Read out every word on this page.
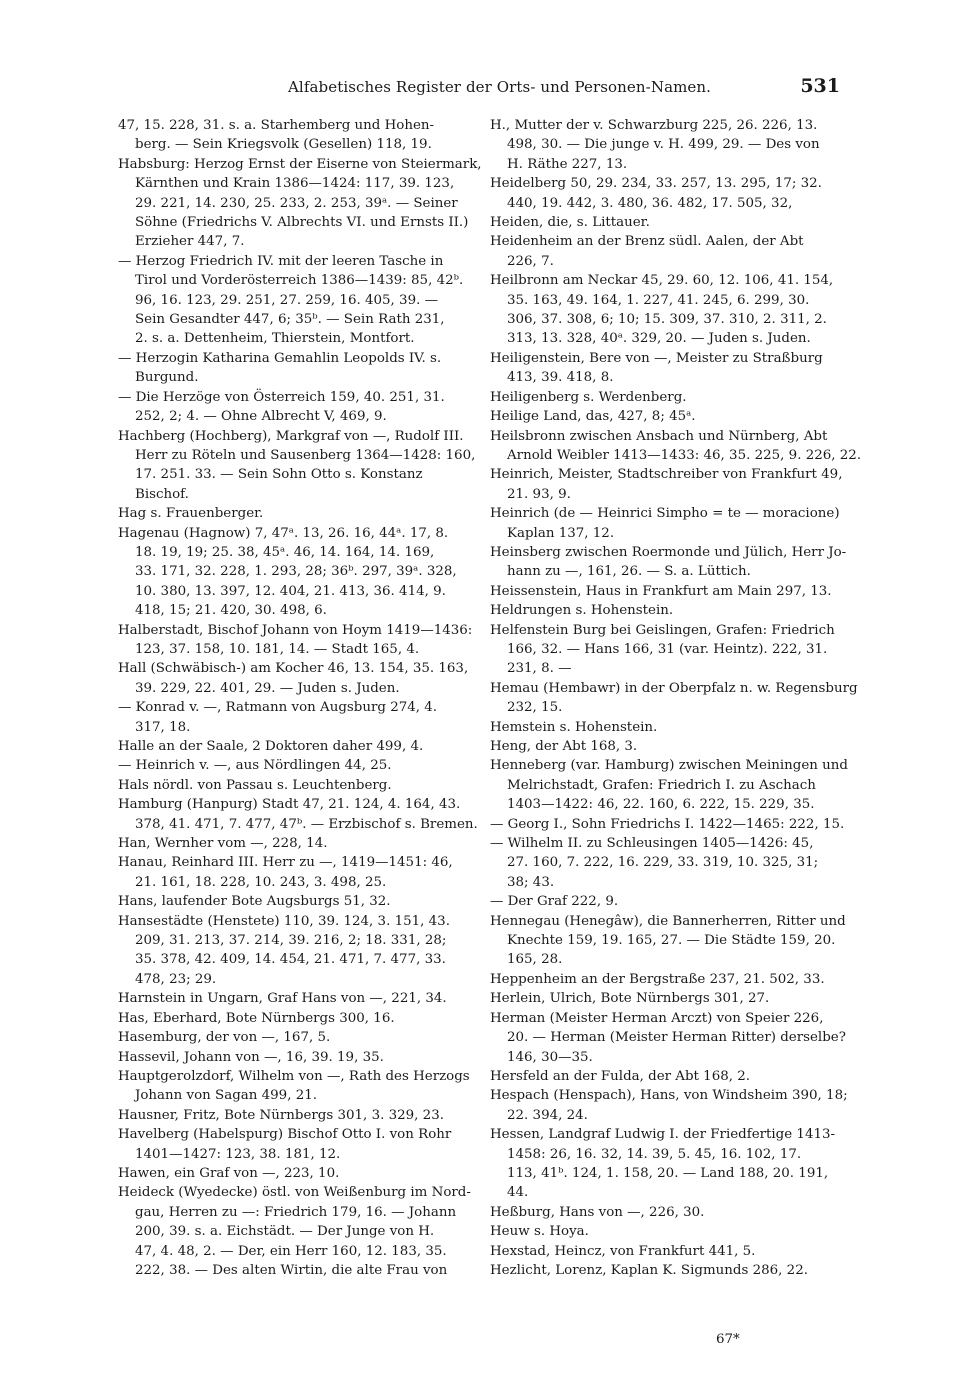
Alfabetisches Register der Orts- und Personen-Namen.	531
47, 15. 228, 31. s. a. Starhemberg und Hohen-
berg. — Sein Kriegsvolk (Gesellen) 118, 19.
Habsburg: Herzog Ernst der Eiserne von Steiermark,
Kärnthen und Krain 1386—1424: 117, 39. 123,
29. 221, 14. 230, 25. 233, 2. 253, 39ᵃ. — Seiner
Söhne (Friedrichs V. Albrechts VI. und Ernsts II.)
Erzieher 447, 7.
— Herzog Friedrich IV. mit der leeren Tasche in
Tirol und Vorderösterreich 1386—1439: 85, 42ᵇ.
96, 16. 123, 29. 251, 27. 259, 16. 405, 39. —
Sein Gesandter 447, 6; 35ᵇ. — Sein Rath 231,
2. s. a. Dettenheim, Thierstein, Montfort.
— Herzogin Katharina Gemahlin Leopolds IV. s.
Burgund.
— Die Herzöge von Österreich 159, 40. 251, 31.
252, 2; 4. — Ohne Albrecht V, 469, 9.
Hachberg (Hochberg), Markgraf von —, Rudolf III.
Herr zu Röteln und Sausenberg 1364—1428: 160,
17. 251. 33. — Sein Sohn Otto s. Konstanz
Bischof.
Hag s. Frauenberger.
Hagenau (Hagnow) 7, 47ᵃ. 13, 26. 16, 44ᵃ. 17, 8.
18. 19, 19; 25. 38, 45ᵃ. 46, 14. 164, 14. 169,
33. 171, 32. 228, 1. 293, 28; 36ᵇ. 297, 39ᵃ. 328,
10. 380, 13. 397, 12. 404, 21. 413, 36. 414, 9.
418, 15; 21. 420, 30. 498, 6.
Halberstadt, Bischof Johann von Hoym 1419—1436:
123, 37. 158, 10. 181, 14. — Stadt 165, 4.
Hall (Schwäbisch-) am Kocher 46, 13. 154, 35. 163,
39. 229, 22. 401, 29. — Juden s. Juden.
— Konrad v. —, Ratmann von Augsburg 274, 4.
317, 18.
Halle an der Saale, 2 Doktoren daher 499, 4.
— Heinrich v. —, aus Nördlingen 44, 25.
Hals nördl. von Passau s. Leuchtenberg.
Hamburg (Hanpurg) Stadt 47, 21. 124, 4. 164, 43.
378, 41. 471, 7. 477, 47ᵇ. — Erzbischof s. Bremen.
Han, Wernher vom —, 228, 14.
Hanau, Reinhard III. Herr zu —, 1419—1451: 46,
21. 161, 18. 228, 10. 243, 3. 498, 25.
Hans, laufender Bote Augsburgs 51, 32.
Hansestädte (Henstete) 110, 39. 124, 3. 151, 43.
209, 31. 213, 37. 214, 39. 216, 2; 18. 331, 28;
35. 378, 42. 409, 14. 454, 21. 471, 7. 477, 33.
478, 23; 29.
Harnstein in Ungarn, Graf Hans von —, 221, 34.
Has, Eberhard, Bote Nürnbergs 300, 16.
Hasemburg, der von —, 167, 5.
Hassevil, Johann von —, 16, 39. 19, 35.
Hauptgerolzdorf, Wilhelm von —, Rath des Herzogs
Johann von Sagan 499, 21.
Hausner, Fritz, Bote Nürnbergs 301, 3. 329, 23.
Havelberg (Habelspurg) Bischof Otto I. von Rohr
1401—1427: 123, 38. 181, 12.
Hawen, ein Graf von —, 223, 10.
Heideck (Wyedecke) östl. von Weißenburg im Nord-
gau, Herren zu —: Friedrich 179, 16. — Johann
200, 39. s. a. Eichstädt. — Der Junge von H.
47, 4. 48, 2. — Der, ein Herr 160, 12. 183, 35.
222, 38. — Des alten Wirtin, die alte Frau von
H., Mutter der v. Schwarzburg 225, 26. 226, 13.
498, 30. — Die junge v. H. 499, 29. — Des von
H. Räthe 227, 13.
Heidelberg 50, 29. 234, 33. 257, 13. 295, 17; 32.
440, 19. 442, 3. 480, 36. 482, 17. 505, 32,
Heiden, die, s. Littauer.
Heidenheim an der Brenz südl. Aalen, der Abt
226, 7.
Heilbronn am Neckar 45, 29. 60, 12. 106, 41. 154,
35. 163, 49. 164, 1. 227, 41. 245, 6. 299, 30.
306, 37. 308, 6; 10; 15. 309, 37. 310, 2. 311, 2.
313, 13. 328, 40ᵃ. 329, 20. — Juden s. Juden.
Heiligenstein, Bere von —, Meister zu Straßburg
413, 39. 418, 8.
Heiligenberg s. Werdenberg.
Heilige Land, das, 427, 8; 45ᵃ.
Heilsbronn zwischen Ansbach und Nürnberg, Abt
Arnold Weibler 1413—1433: 46, 35. 225, 9. 226, 22.
Heinrich, Meister, Stadtschreiber von Frankfurt 49,
21. 93, 9.
Heinrich (de — Heinrici Simpho = te — moracione)
Kaplan 137, 12.
Heinsberg zwischen Roermonde und Jülich, Herr Jo-
hann zu —, 161, 26. — S. a. Lüttich.
Heissenstein, Haus in Frankfurt am Main 297, 13.
Heldrungen s. Hohenstein.
Helfenstein Burg bei Geislingen, Grafen: Friedrich
166, 32. — Hans 166, 31 (var. Heintz). 222, 31.
231, 8. —
Hemau (Hembawr) in der Oberpfalz n. w. Regensburg
232, 15.
Hemstein s. Hohenstein.
Heng, der Abt 168, 3.
Henneberg (var. Hamburg) zwischen Meiningen und
Melrichstadt, Grafen: Friedrich I. zu Aschach
1403—1422: 46, 22. 160, 6. 222, 15. 229, 35.
— Georg I., Sohn Friedrichs I. 1422—1465: 222, 15.
— Wilhelm II. zu Schleusingen 1405—1426: 45,
27. 160, 7. 222, 16. 229, 33. 319, 10. 325, 31;
38; 43.
— Der Graf 222, 9.
Hennegau (Henegâw), die Bannerherren, Ritter und
Knechte 159, 19. 165, 27. — Die Städte 159, 20.
165, 28.
Heppenheim an der Bergstraße 237, 21. 502, 33.
Herlein, Ulrich, Bote Nürnbergs 301, 27.
Herman (Meister Herman Arczt) von Speier 226,
20. — Herman (Meister Herman Ritter) derselbe?
146, 30—35.
Hersfeld an der Fulda, der Abt 168, 2.
Hespach (Henspach), Hans, von Windsheim 390, 18;
22. 394, 24.
Hessen, Landgraf Ludwig I. der Friedfertige 1413-
1458: 26, 16. 32, 14. 39, 5. 45, 16. 102, 17.
113, 41ᵇ. 124, 1. 158, 20. — Land 188, 20. 191,
44.
Heßburg, Hans von —, 226, 30.
Heuw s. Hoya.
Hexstad, Heincz, von Frankfurt 441, 5.
Hezlicht, Lorenz, Kaplan K. Sigmunds 286, 22.
67*
